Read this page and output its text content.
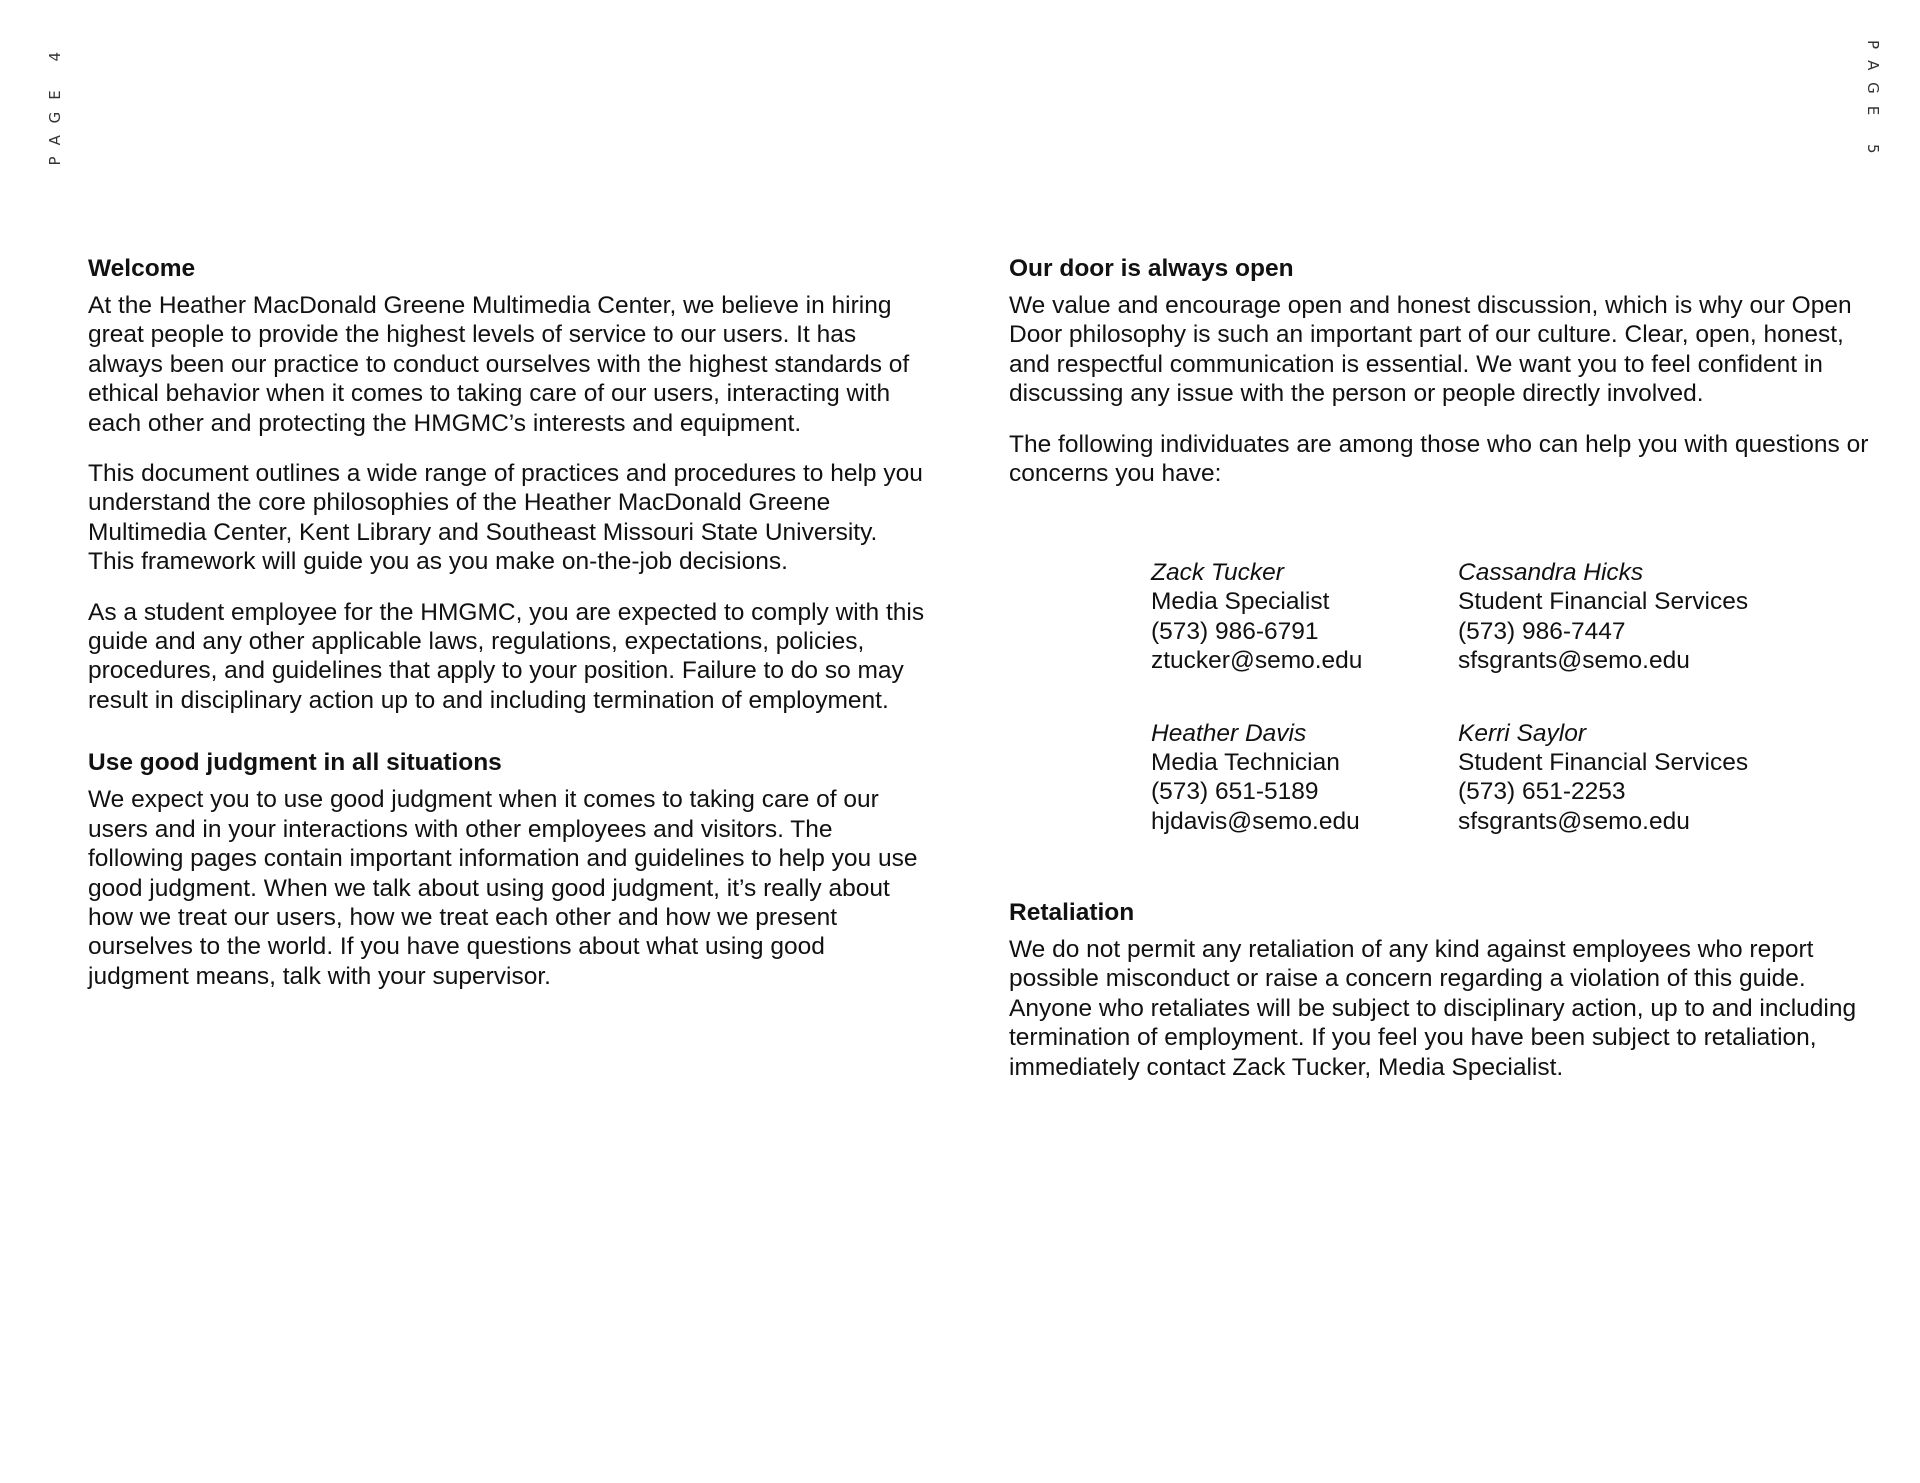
PAGE 4	PAGE 5
Welcome

At the Heather MacDonald Greene Multimedia Center, we believe in hiring great people to provide the highest levels of service to our users. It has always been our practice to conduct ourselves with the highest standards of ethical behavior when it comes to taking care of our users, interacting with each other and protecting the HMGMC’s interests and equipment.

This document outlines a wide range of practices and procedures to help you understand the core philosophies of the Heather MacDonald Greene Multimedia Center, Kent Library and Southeast Missouri State University. This framework will guide you as you make on-the-job decisions.

As a student employee for the HMGMC, you are expected to comply with this guide and any other applicable laws, regulations, expectations, policies, procedures, and guidelines that apply to your position. Failure to do so may result in disciplinary action up to and including termination of employment.

Use good judgment in all situations

We expect you to use good judgment when it comes to taking care of our users and in your interactions with other employees and visitors. The following pages contain important information and guidelines to help you use good judgment. When we talk about using good judgment, it’s really about how we treat our users, how we treat each other and how we present ourselves to the world. If you have questions about what using good judgment means, talk with your supervisor.

Our door is always open

We value and encourage open and honest discussion, which is why our Open Door philosophy is such an important part of our culture. Clear, open, honest, and respectful communication is essential. We want you to feel confident in discussing any issue with the person or people directly involved.

The following individuates are among those who can help you with questions or concerns you have:

Zack Tucker
Media Specialist
(573) 986-6791
ztucker@semo.edu
Cassandra Hicks
Student Financial Services
(573) 986-7447
sfsgrants@semo.edu
Heather Davis
Media Technician
(573) 651-5189
hjdavis@semo.edu
Kerri Saylor
Student Financial Services
(573) 651-2253
sfsgrants@semo.edu
Retaliation

We do not permit any retaliation of any kind against employees who report possible misconduct or raise a concern regarding a violation of this guide. Anyone who retaliates will be subject to disciplinary action, up to and including termination of employment. If you feel you have been subject to retaliation, immediately contact Zack Tucker, Media Specialist.
